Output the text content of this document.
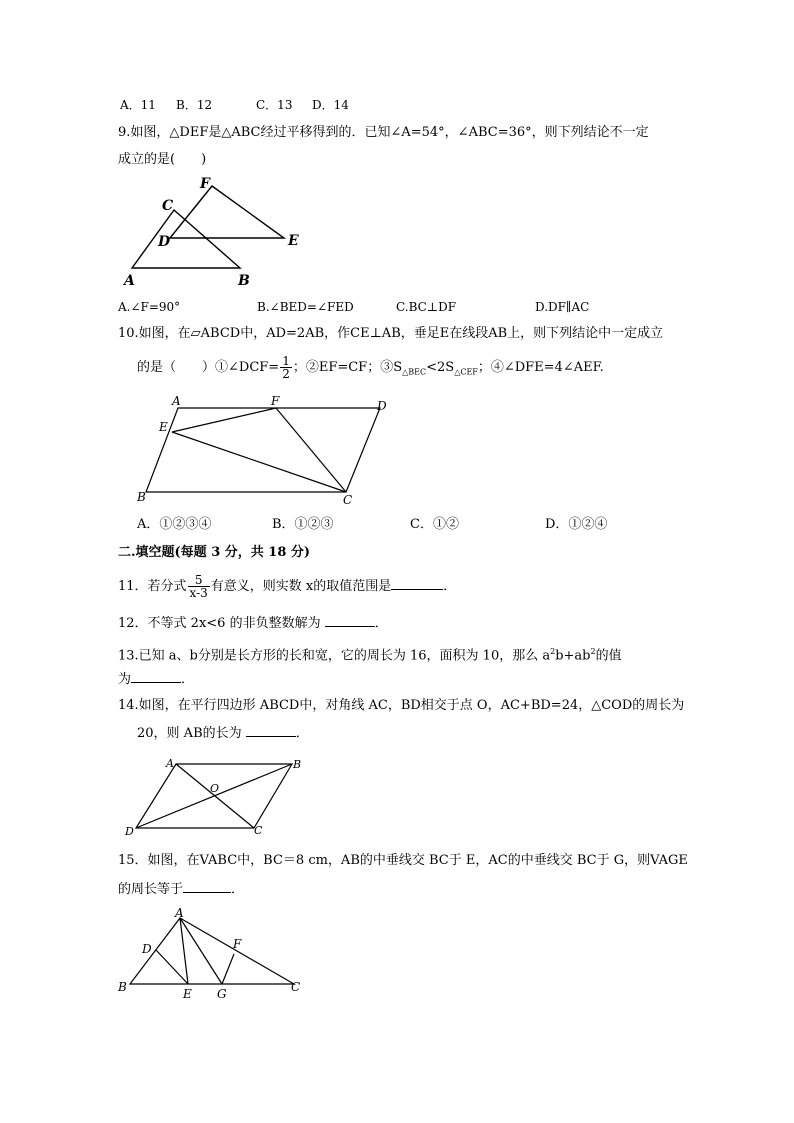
A．11 B．12	C．13 D．14
9.如图，△DEF是△ABC经过平移得到的．已知∠A=54°，∠ABC=36°，则下列结论不一定
成立的是(　　)
F
C
D	E
A	B
A.∠F=90°	B.∠BED=∠FED	C.BC⊥DF	D.DF∥AC
10.如图，在▱ABCD中，AD=2AB，作CE⊥AB，垂足E在线段AB上，则下列结论中一定成立
的是（　　）①∠DCF= $\frac{1}{2}$ ；②EF=CF；$③S_{\triangle BEC}<2S_{\triangle CEF}$；④∠DFE=4∠AEF.
A	F	D
E
B	C
A．①②③④	B．①②③	C．①②	D．①②④
二.填空题(每题 3 分，共 18 分)
11．若分式 $\frac{5}{x-3}$ 有意义，则实数 x的取值范围是	．
12．不等式 2x<6 的非负整数解为	．
13.已知 a、b分别是长方形的长和宽，它的周长为 16，面积为 10，那么 $a^2b+ab^2$的值
为	．
14.如图，在平行四边形 ABCD中，对角线 AC，BD相交于点 O，AC+BD=24，△COD的周长为
20，则 AB的长为	．
A	B
O
D	C
15．如图，在VABC中，BC＝8 cm，AB的中垂线交 BC于 E，AC的中垂线交 BC于 G，则VAGE
的周长等于	．
A
D	F
B	E G	C
